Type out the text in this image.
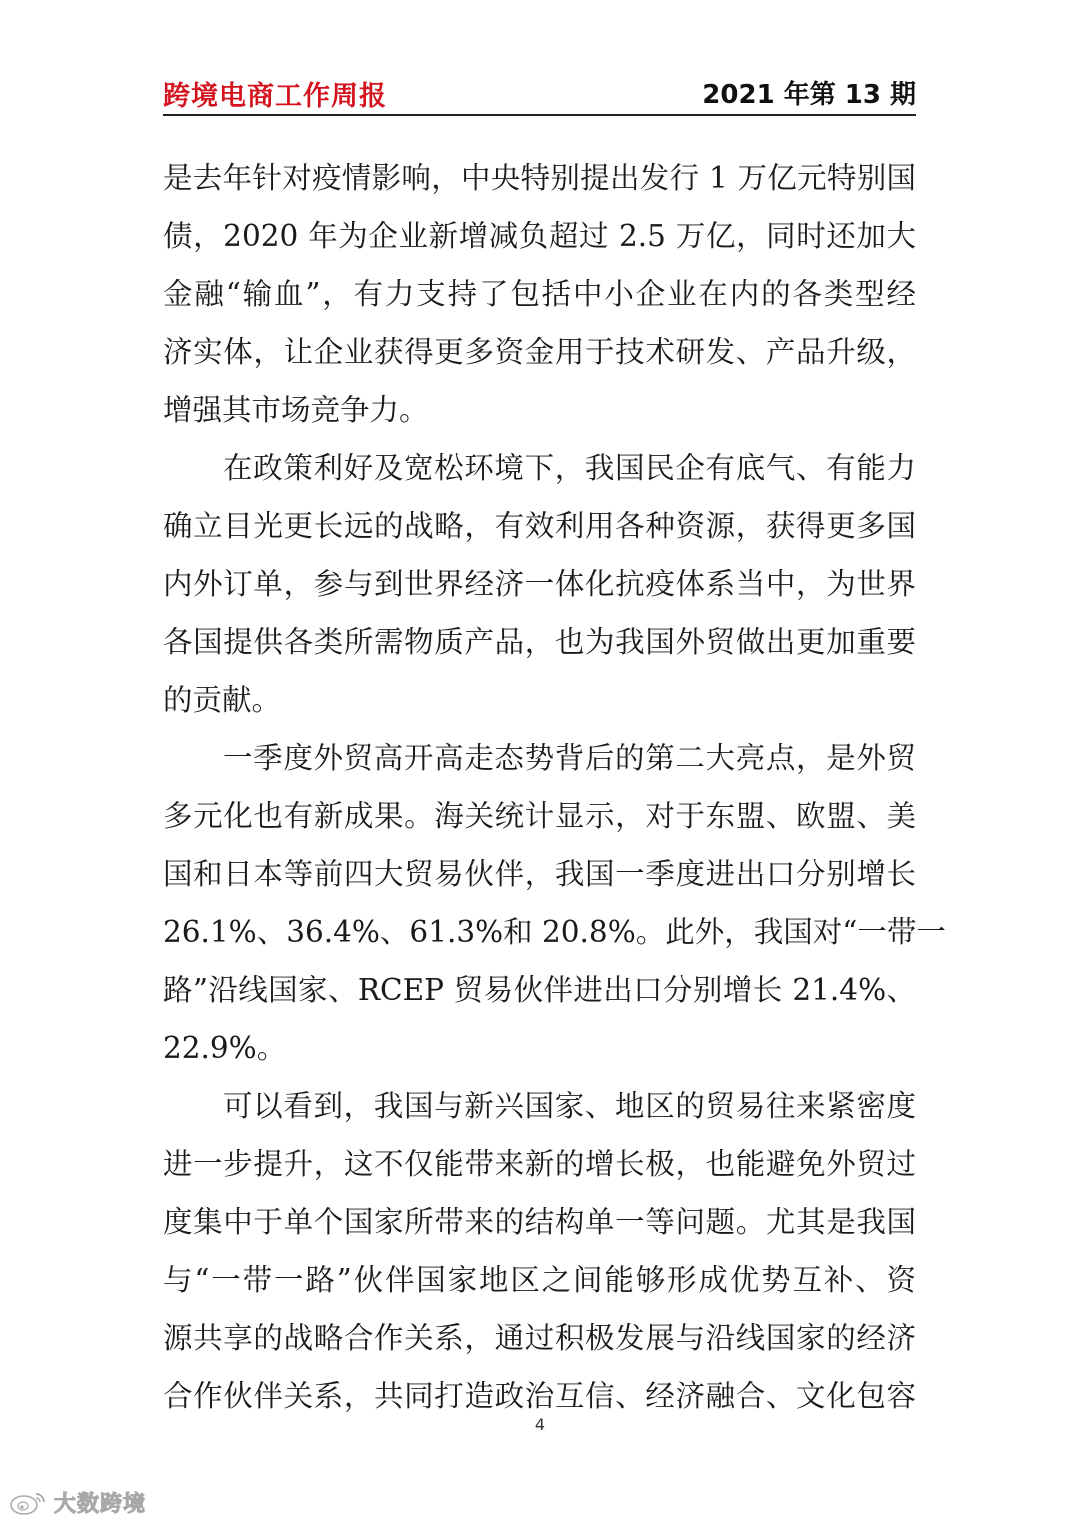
跨境电商工作周报	2021 年第 13 期
是去年针对疫情影响，中央特别提出发行 1 万亿元特别国
债，2020 年为企业新增减负超过 2.5 万亿，同时还加大
金融“输血”，有力支持了包括中小企业在内的各类型经
济实体，让企业获得更多资金用于技术研发、产品升级，
增强其市场竞争力。
在政策利好及宽松环境下，我国民企有底气、有能力
确立目光更长远的战略，有效利用各种资源，获得更多国
内外订单，参与到世界经济一体化抗疫体系当中，为世界
各国提供各类所需物质产品，也为我国外贸做出更加重要
的贡献。
一季度外贸高开高走态势背后的第二大亮点，是外贸
多元化也有新成果。海关统计显示，对于东盟、欧盟、美
国和日本等前四大贸易伙伴，我国一季度进出口分别增长
26.1%、36.4%、61.3%和 20.8%。此外，我国对“一带一
路”沿线国家、RCEP 贸易伙伴进出口分别增长 21.4%、
22.9%。
可以看到，我国与新兴国家、地区的贸易往来紧密度
进一步提升，这不仅能带来新的增长极，也能避免外贸过
度集中于单个国家所带来的结构单一等问题。尤其是我国
与“一带一路”伙伴国家地区之间能够形成优势互补、资
源共享的战略合作关系，通过积极发展与沿线国家的经济
合作伙伴关系，共同打造政治互信、经济融合、文化包容
4
大数跨境
